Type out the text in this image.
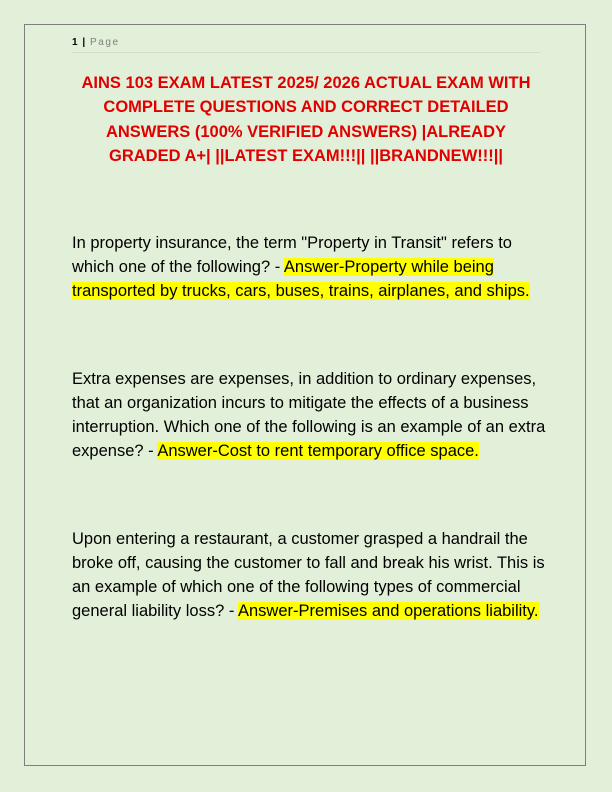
1 | Page

AINS 103 EXAM LATEST 2025/ 2026 ACTUAL EXAM WITH COMPLETE QUESTIONS AND CORRECT DETAILED ANSWERS (100% VERIFIED ANSWERS) |ALREADY GRADED A+| ||LATEST EXAM!!!|| ||BRANDNEW!!!||

In property insurance, the term "Property in Transit" refers to which one of the following? - Answer-Property while being transported by trucks, cars, buses, trains, airplanes, and ships.

Extra expenses are expenses, in addition to ordinary expenses, that an organization incurs to mitigate the effects of a business interruption. Which one of the following is an example of an extra expense? - Answer-Cost to rent temporary office space.

Upon entering a restaurant, a customer grasped a handrail the broke off, causing the customer to fall and break his wrist. This is an example of which one of the following types of commercial general liability loss? - Answer-Premises and operations liability.
